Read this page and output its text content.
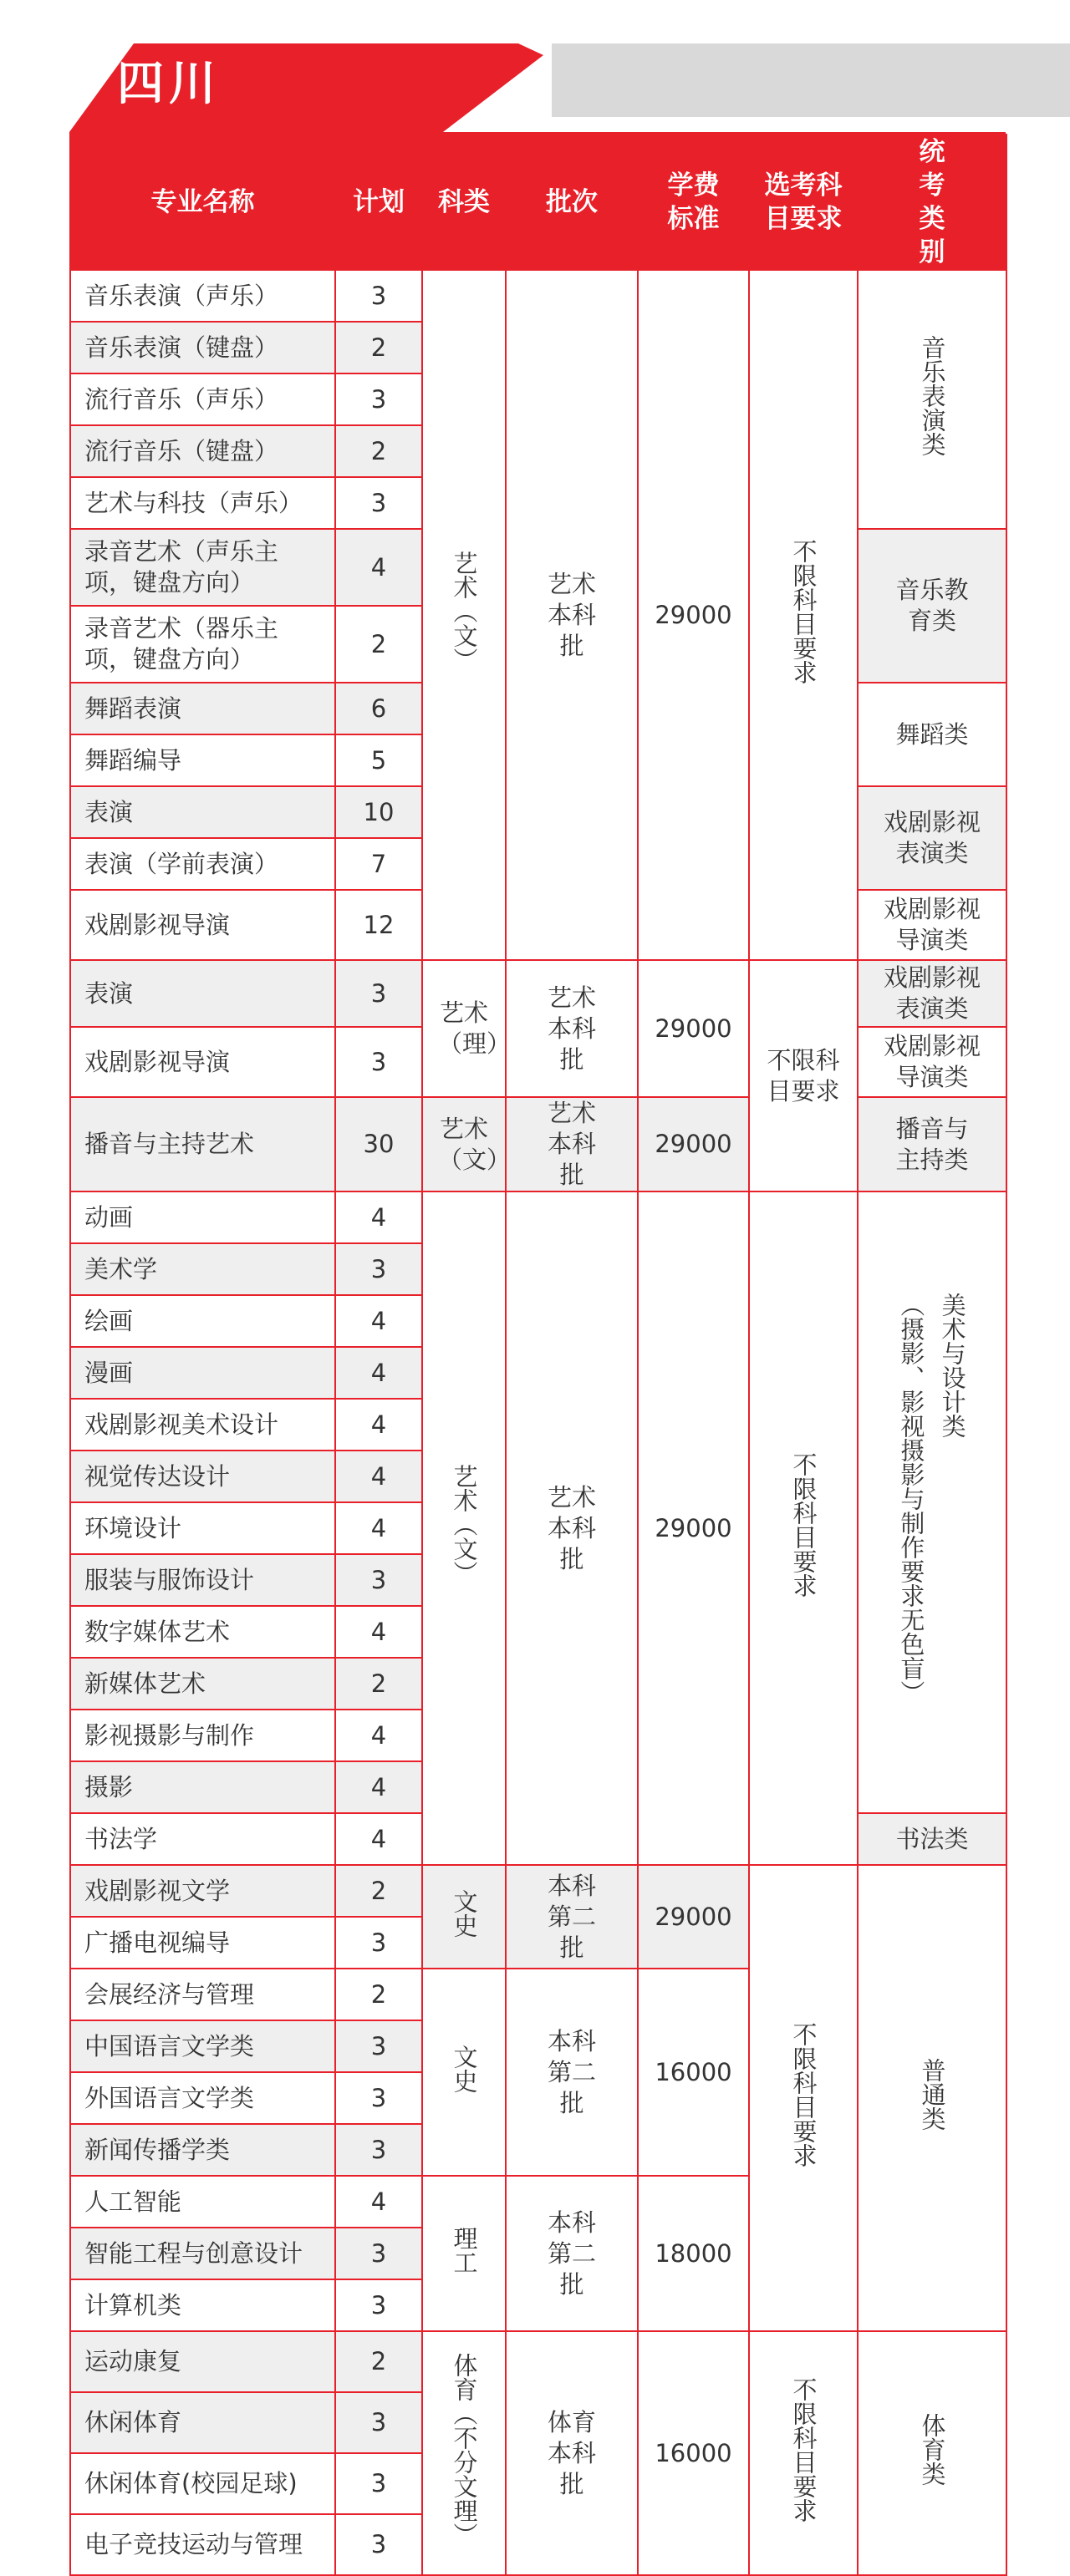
四川
专业名称	计划	科类	批次	学费标准	选考科目要求	统考类别
音乐表演（声乐）	3	艺术（文）	艺术本科批	29000	不限科目要求	音乐表演类
音乐表演（键盘）	2					
流行音乐（声乐）	3					
流行音乐（键盘）	2					
艺术与科技（声乐）	3					

录音艺术（声乐主项，键盘方向）	4					音乐教育类

录音艺术（器乐主项，键盘方向）	2					
舞蹈表演	6					舞蹈类
舞蹈编导	5					
表演	10					戏剧影视表演类

表演（学前表演）	7					
戏剧影视导演	12					戏剧影视导演类

表演	3	艺术（理）	艺术本科批	29000	不限科目要求	戏剧影视表演类

戏剧影视导演	3					戏剧影视导演类

播音与主持艺术	30	艺术（文）	艺术本科批	29000		播音与主持类

动画	4	艺术（文）	艺术本科批	29000	不限科目要求	（摄影、影视摄影与制作要求无色盲） 美术与设计类
美术学	3					
绘画	4					
漫画	4					
戏剧影视美术设计	4					
视觉传达设计	4					
环境设计	4					
服装与服饰设计	3					
数字媒体艺术	4					
新媒体艺术	2					
影视摄影与制作	4					
摄影	4					
书法学	4					书法类
戏剧影视文学	2	文史	本科第二批	29000	不限科目要求	普通类
广播电视编导	3					
会展经济与管理	2	文史	本科第二批	16000		
中国语言文学类	3					
外国语言文学类	3					
新闻传播学类	3					
人工智能	4	理工	本科第二批	18000		
智能工程与创意设计	3					
计算机类	3					
运动康复	2	体育（不分文理）	体育本科批	16000	不限科目要求	体育类
休闲体育	3					
休闲体育(校园足球)	3					
电子竞技运动与管理	3					
